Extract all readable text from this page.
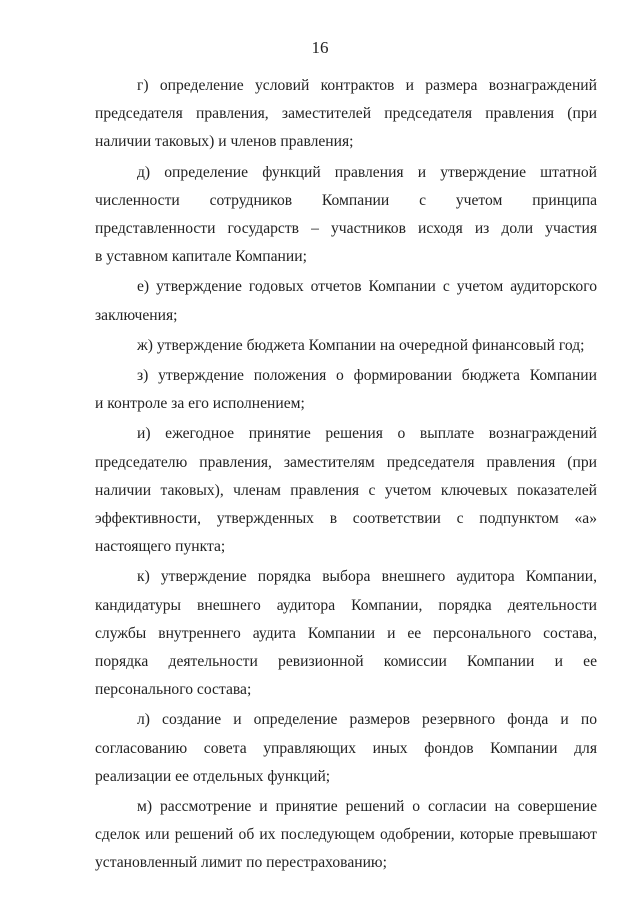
16

г) определение условий контрактов и размера вознаграждений
председателя правления, заместителей председателя правления (при
наличии таковых) и членов правления;

д) определение функций правления и утверждение штатной
численности сотрудников Компании с учетом принципа
представленности государств – участников исходя из доли участия
в уставном капитале Компании;

е) утверждение годовых отчетов Компании с учетом аудиторского
заключения;

ж) утверждение бюджета Компании на очередной финансовый год;

з) утверждение положения о формировании бюджета Компании
и контроле за его исполнением;

и) ежегодное принятие решения о выплате вознаграждений
председателю правления, заместителям председателя правления (при
наличии таковых), членам правления с учетом ключевых показателей
эффективности, утвержденных в соответствии с подпунктом «а»
настоящего пункта;

к) утверждение порядка выбора внешнего аудитора Компании,
кандидатуры внешнего аудитора Компании, порядка деятельности
службы внутреннего аудита Компании и ее персонального состава,
порядка деятельности ревизионной комиссии Компании и ее
персонального состава;

л) создание и определение размеров резервного фонда и по
согласованию совета управляющих иных фондов Компании для
реализации ее отдельных функций;

м) рассмотрение и принятие решений о согласии на совершение
сделок или решений об их последующем одобрении, которые превышают
установленный лимит по перестрахованию;
